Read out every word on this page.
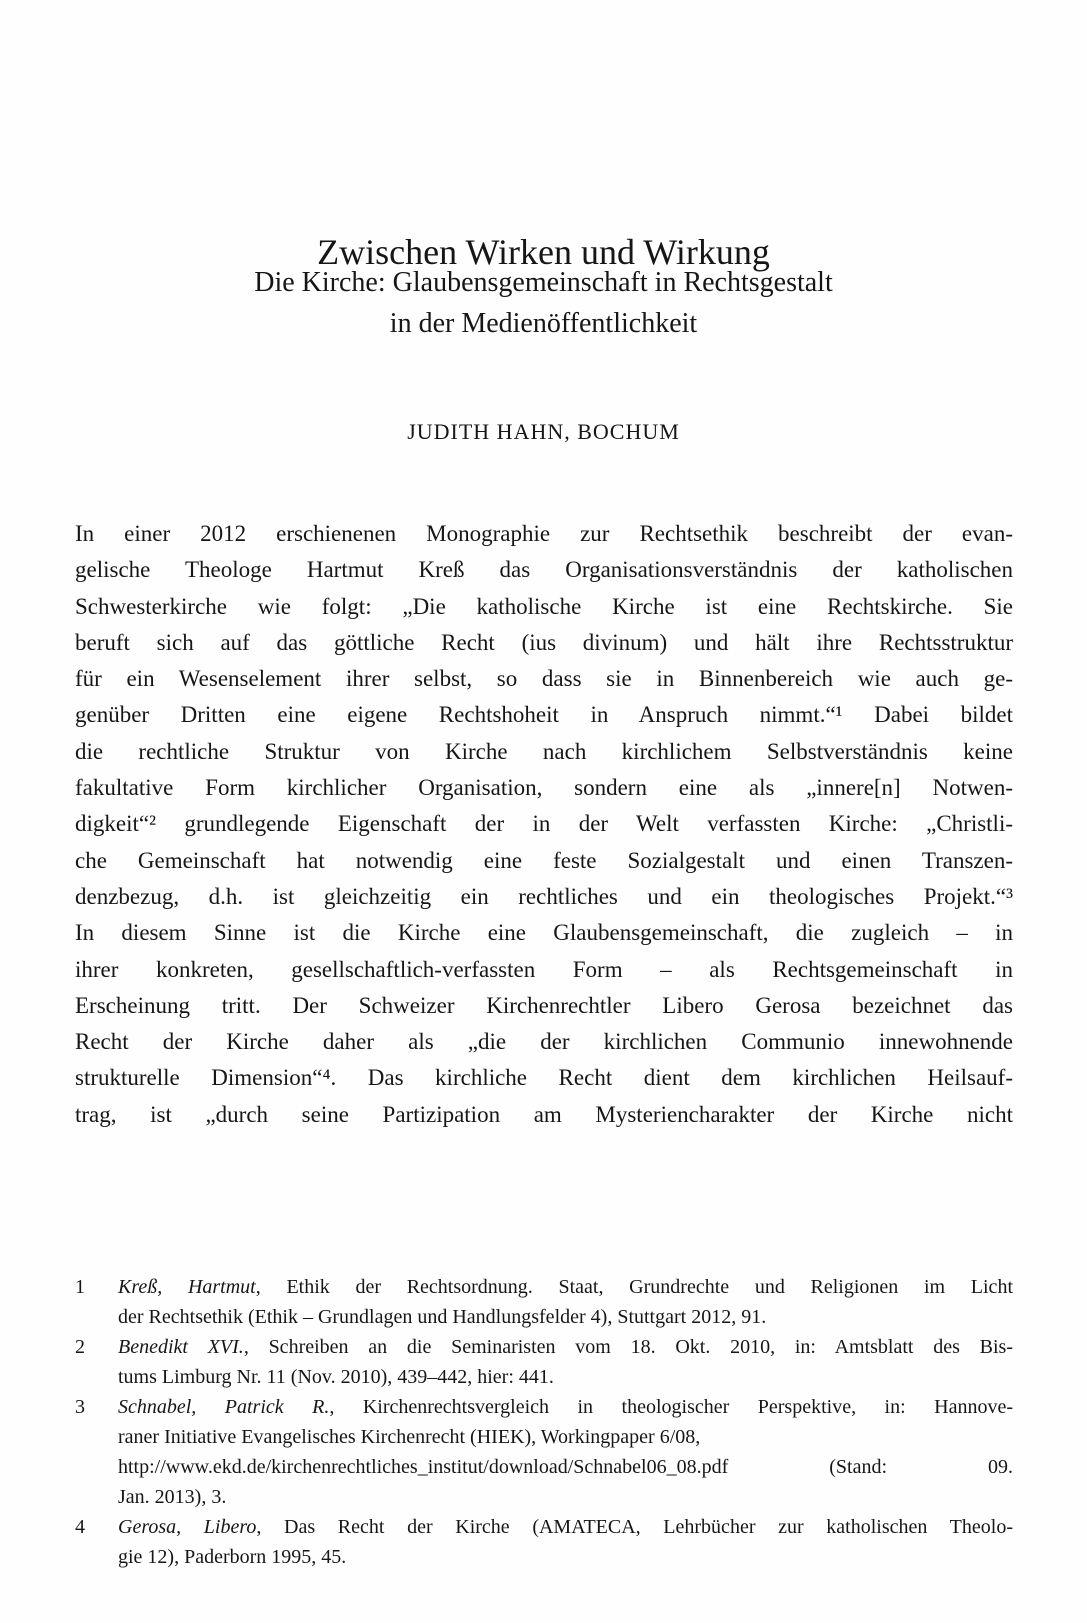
Zwischen Wirken und Wirkung
Die Kirche: Glaubensgemeinschaft in Rechtsgestalt
in der Medienöffentlichkeit
JUDITH HAHN, BOCHUM
In einer 2012 erschienenen Monographie zur Rechtsethik beschreibt der evan-
gelische Theologe Hartmut Kreß das Organisationsverständnis der katholischen
Schwesterkirche wie folgt: „Die katholische Kirche ist eine Rechtskirche. Sie
beruft sich auf das göttliche Recht (ius divinum) und hält ihre Rechtsstruktur
für ein Wesenselement ihrer selbst, so dass sie in Binnenbereich wie auch ge-
genüber Dritten eine eigene Rechtshoheit in Anspruch nimmt.“¹ Dabei bildet
die rechtliche Struktur von Kirche nach kirchlichem Selbstverständnis keine
fakultative Form kirchlicher Organisation, sondern eine als „innere[n] Notwen-
digkeit“² grundlegende Eigenschaft der in der Welt verfassten Kirche: „Christli-
che Gemeinschaft hat notwendig eine feste Sozialgestalt und einen Transzen-
denzbezug, d.h. ist gleichzeitig ein rechtliches und ein theologisches Projekt.“³
In diesem Sinne ist die Kirche eine Glaubensgemeinschaft, die zugleich – in
ihrer konkreten, gesellschaftlich-verfassten Form – als Rechtsgemeinschaft in
Erscheinung tritt. Der Schweizer Kirchenrechtler Libero Gerosa bezeichnet das
Recht der Kirche daher als „die der kirchlichen Communio innewohnende
strukturelle Dimension“⁴. Das kirchliche Recht dient dem kirchlichen Heilsauf-
trag, ist „durch seine Partizipation am Mysteriencharakter der Kirche nicht
1	Kreß, Hartmut, Ethik der Rechtsordnung. Staat, Grundrechte und Religionen im Licht
der Rechtsethik (Ethik – Grundlagen und Handlungsfelder 4), Stuttgart 2012, 91.
2	Benedikt XVI., Schreiben an die Seminaristen vom 18. Okt. 2010, in: Amtsblatt des Bis-
tums Limburg Nr. 11 (Nov. 2010), 439–442, hier: 441.
3	Schnabel, Patrick R., Kirchenrechtsvergleich in theologischer Perspektive, in: Hannove-
raner Initiative Evangelisches Kirchenrecht (HIEK), Workingpaper 6/08,
http://www.ekd.de/kirchenrechtliches_institut/download/Schnabel06_08.pdf (Stand: 09.
Jan. 2013), 3.
4	Gerosa, Libero, Das Recht der Kirche (AMATECA, Lehrbücher zur katholischen Theolo-
gie 12), Paderborn 1995, 45.
